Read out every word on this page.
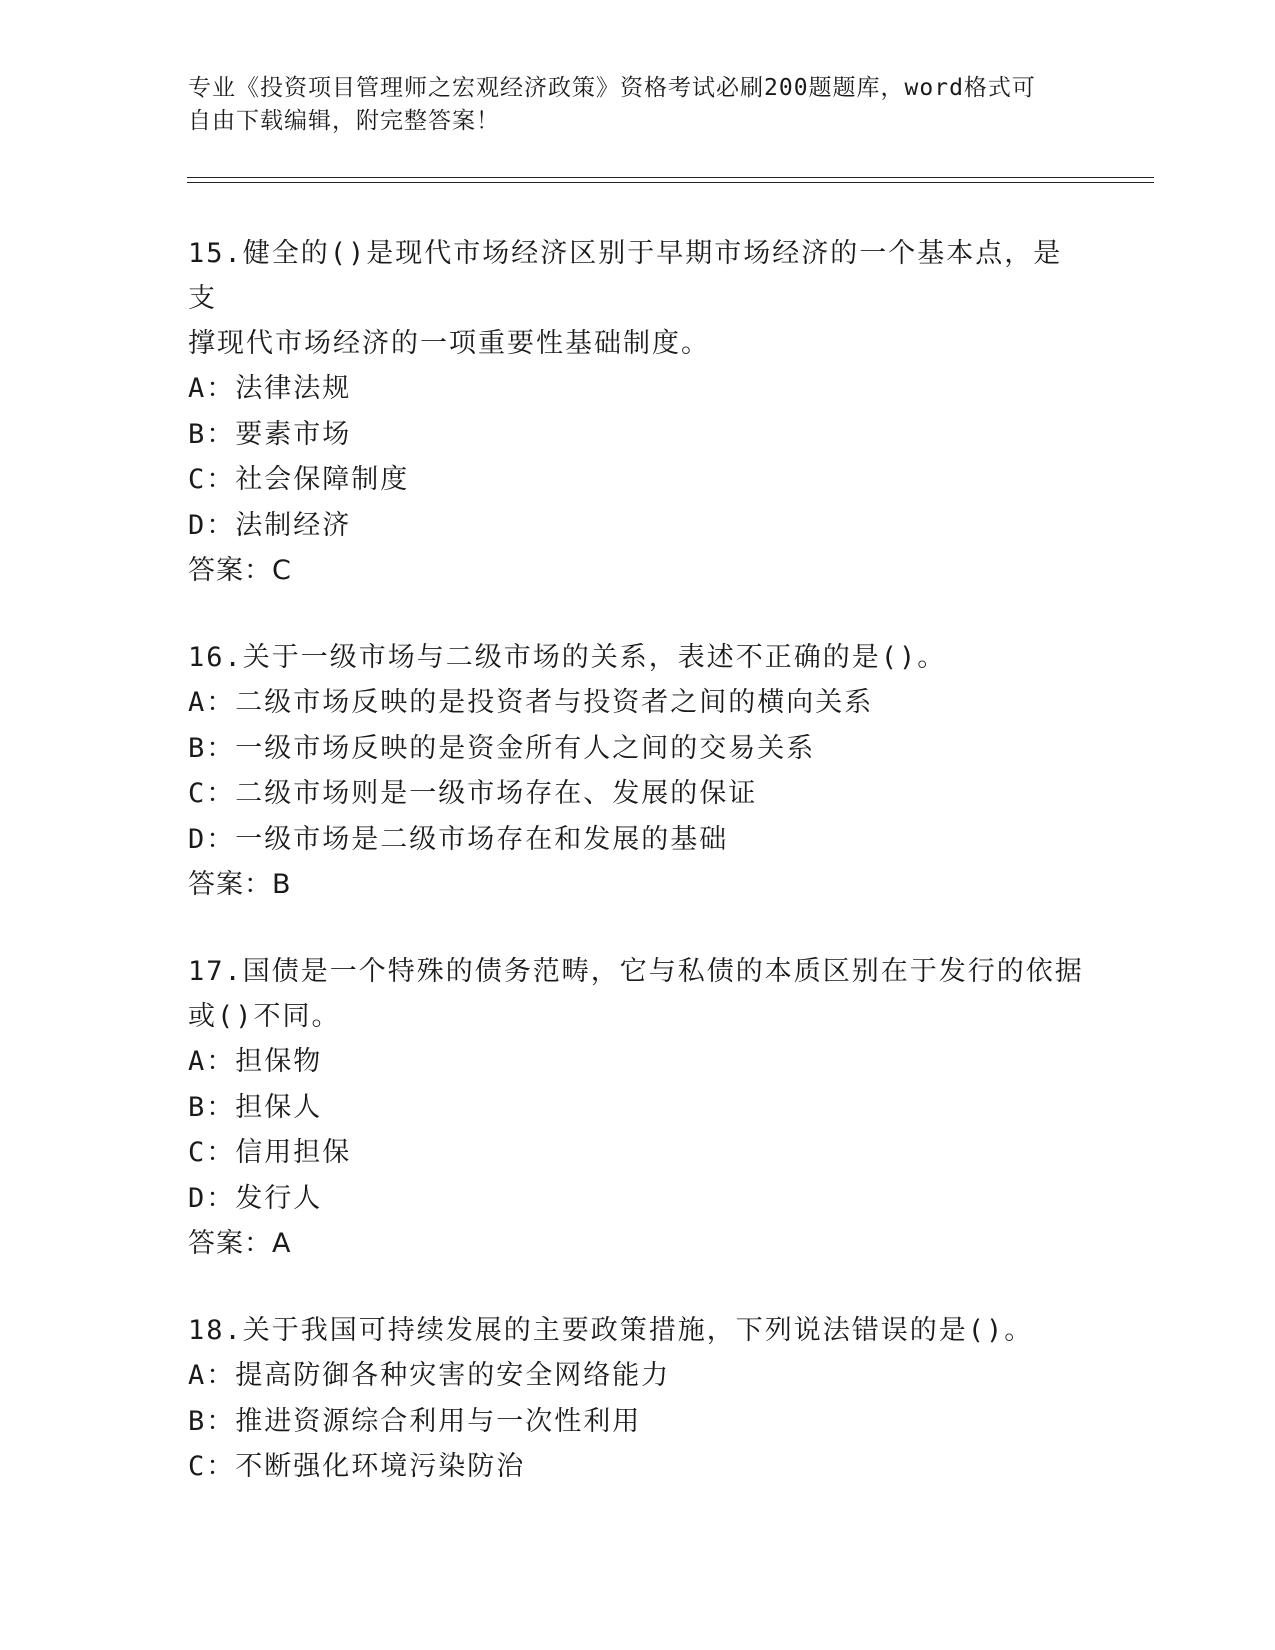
专业《投资项目管理师之宏观经济政策》资格考试必刷200题题库，word格式可
自由下载编辑，附完整答案！
15.健全的()是现代市场经济区别于早期市场经济的一个基本点，是支
撑现代市场经济的一项重要性基础制度。
A：法律法规
B：要素市场
C：社会保障制度
D：法制经济
答案：C
16.关于一级市场与二级市场的关系，表述不正确的是()。
A：二级市场反映的是投资者与投资者之间的横向关系
B：一级市场反映的是资金所有人之间的交易关系
C：二级市场则是一级市场存在、发展的保证
D：一级市场是二级市场存在和发展的基础
答案：B
17.国债是一个特殊的债务范畴，它与私债的本质区别在于发行的依据
或()不同。
A：担保物
B：担保人
C：信用担保
D：发行人
答案：A
18.关于我国可持续发展的主要政策措施，下列说法错误的是()。
A：提高防御各种灾害的安全网络能力
B：推进资源综合利用与一次性利用
C：不断强化环境污染防治
